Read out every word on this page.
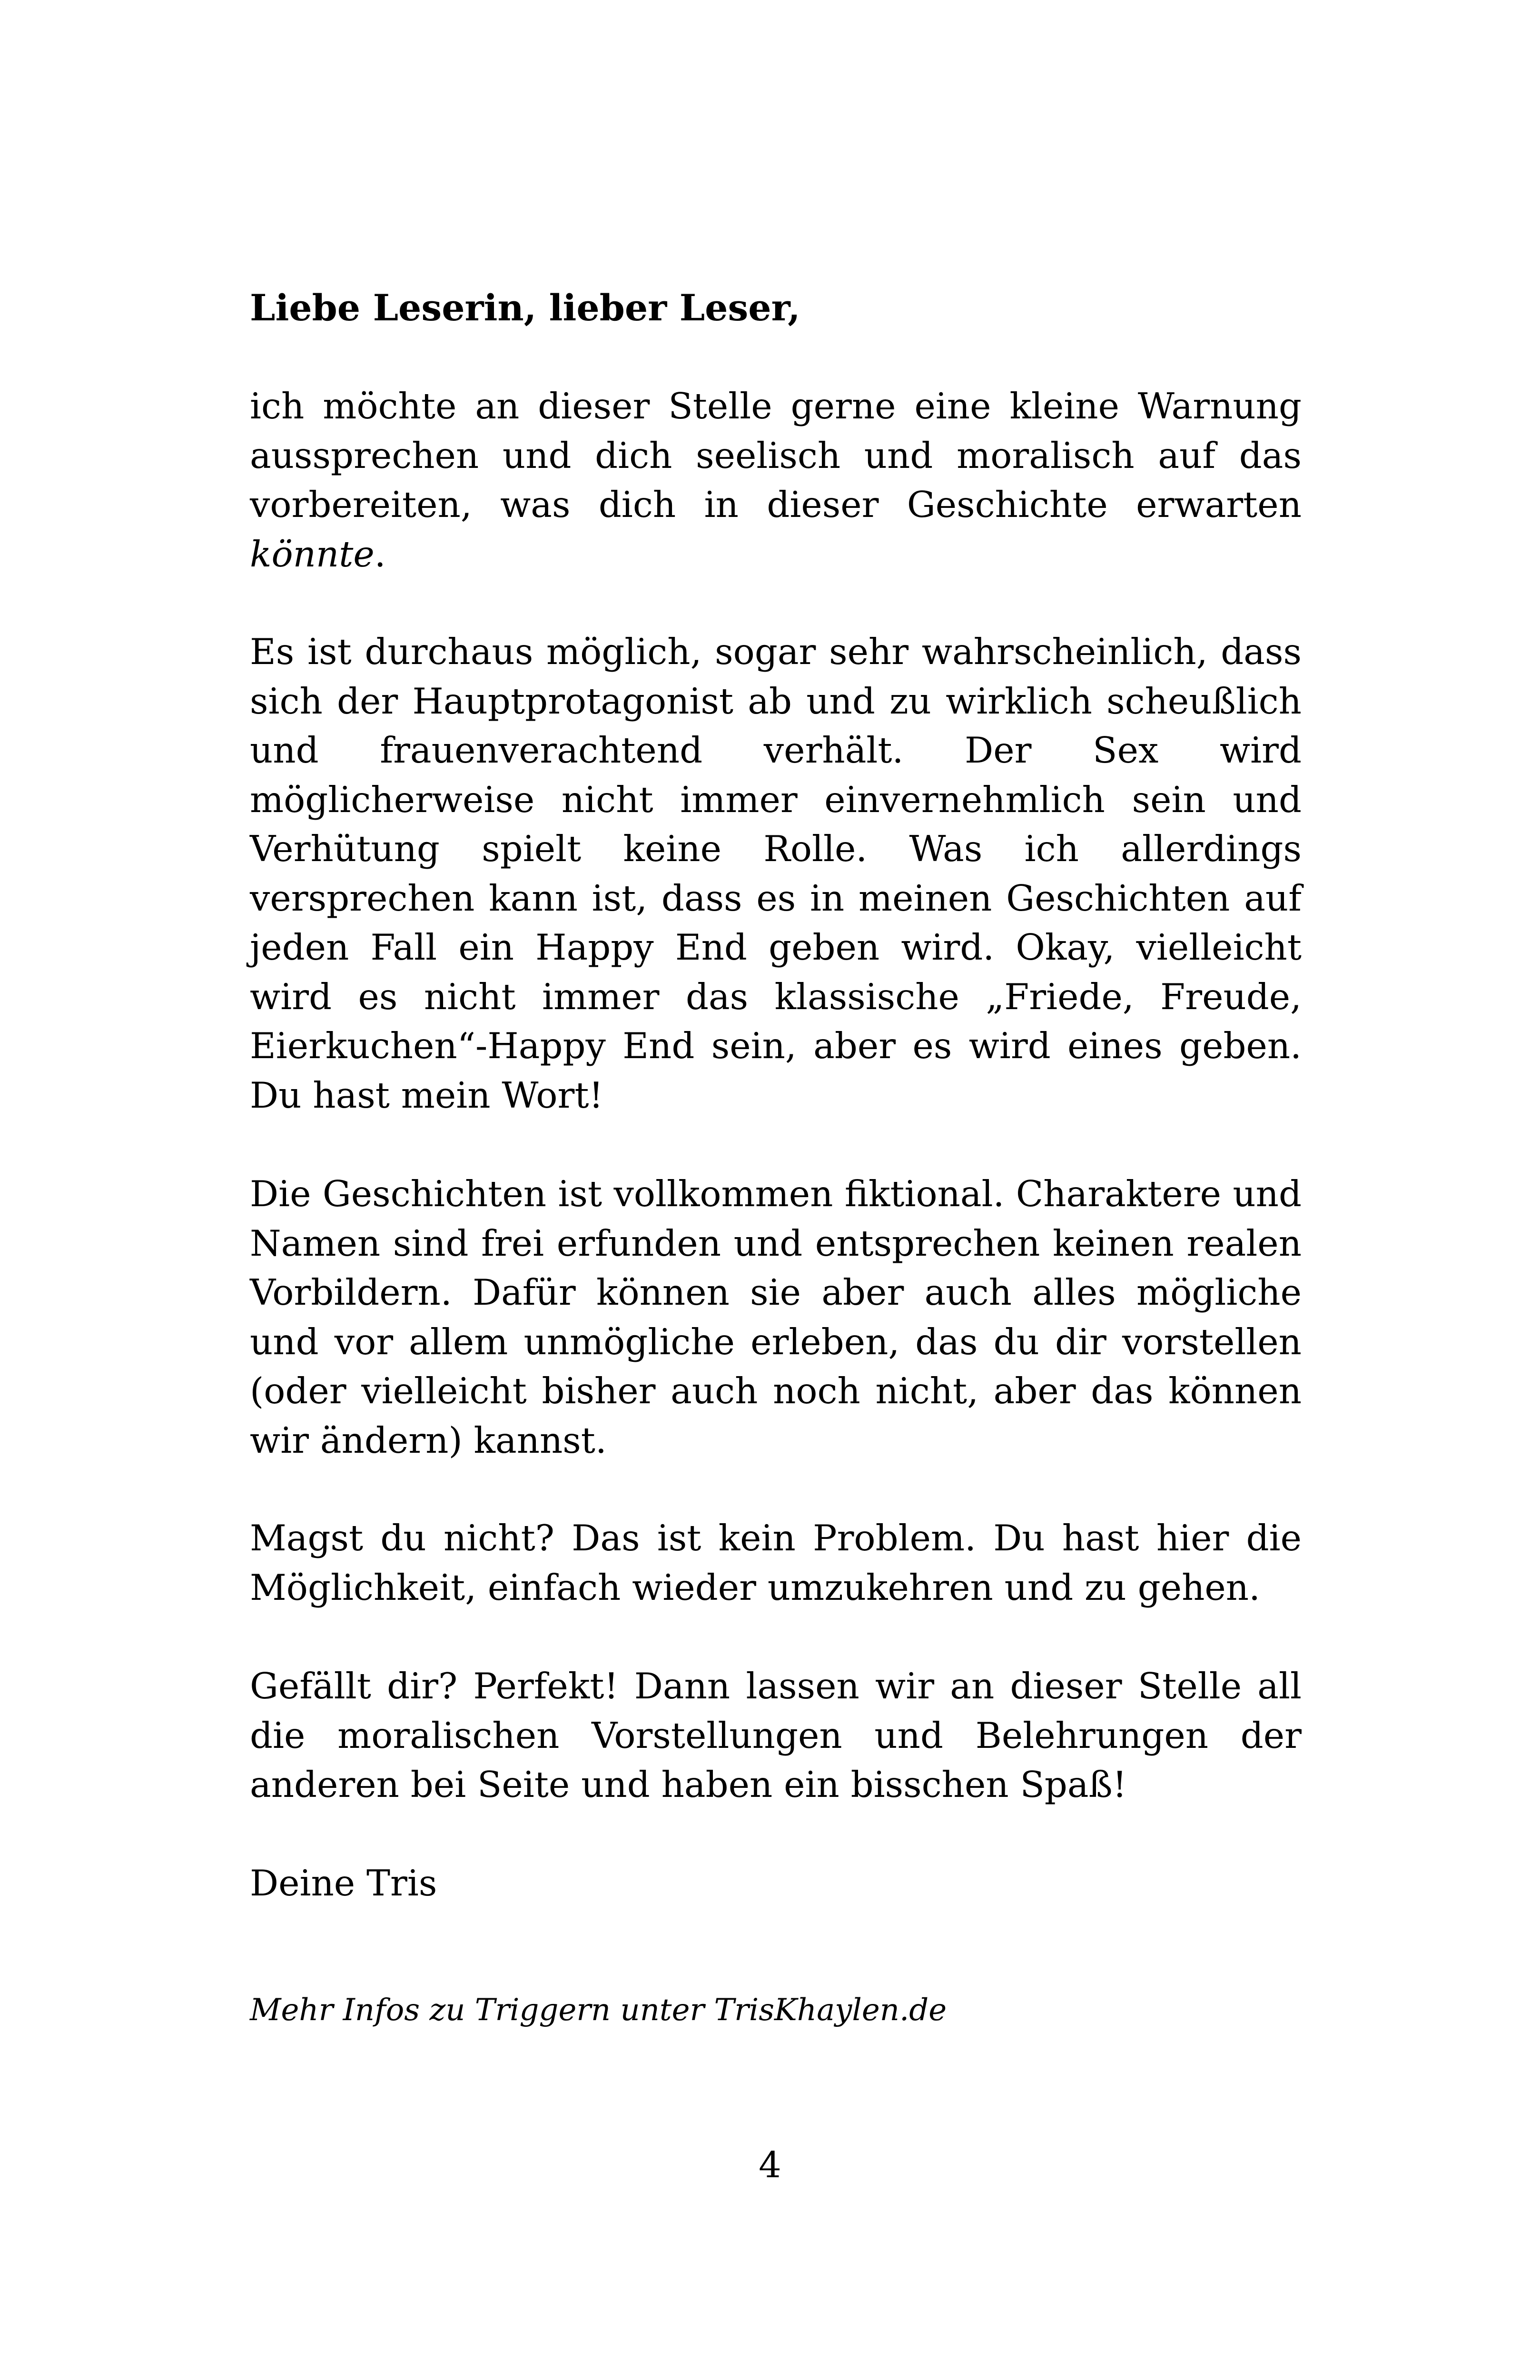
Liebe Leserin, lieber Leser,
ich möchte an dieser Stelle gerne eine kleine Warnung aussprechen und dich seelisch und moralisch auf das vorbereiten, was dich in dieser Geschichte erwarten könnte.
Es ist durchaus möglich, sogar sehr wahrscheinlich, dass sich der Hauptprotagonist ab und zu wirklich scheußlich und frauenverachtend verhält. Der Sex wird möglicherweise nicht immer einvernehmlich sein und Verhütung spielt keine Rolle. Was ich allerdings versprechen kann ist, dass es in meinen Geschichten auf jeden Fall ein Happy End geben wird. Okay, vielleicht wird es nicht immer das klassische „Friede, Freude, Eierkuchen“-Happy End sein, aber es wird eines geben. Du hast mein Wort!
Die Geschichten ist vollkommen fiktional. Charaktere und Namen sind frei erfunden und entsprechen keinen realen Vorbildern. Dafür können sie aber auch alles mögliche und vor allem unmögliche erleben, das du dir vorstellen (oder vielleicht bisher auch noch nicht, aber das können wir ändern) kannst.
Magst du nicht? Das ist kein Problem. Du hast hier die Möglichkeit, einfach wieder umzukehren und zu gehen.
Gefällt dir? Perfekt! Dann lassen wir an dieser Stelle all die moralischen Vorstellungen und Belehrungen der anderen bei Seite und haben ein bisschen Spaß!
Deine Tris
Mehr Infos zu Triggern unter TrisKhaylen.de
4
